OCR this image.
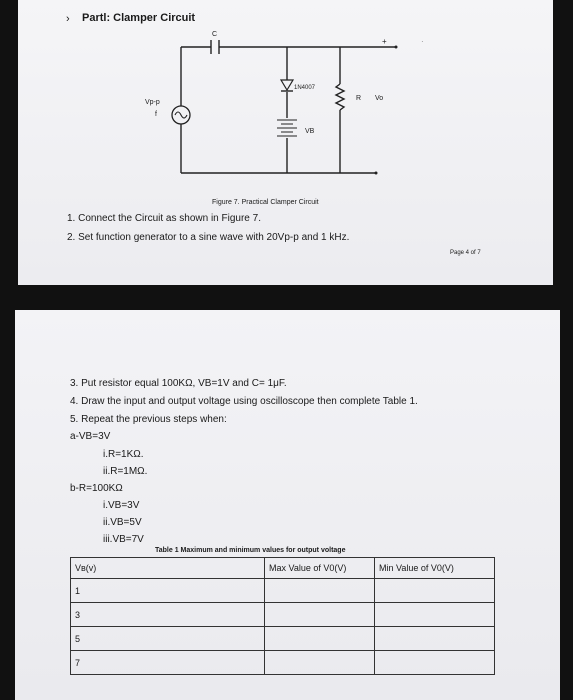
› Partl: Clamper Circuit
+	·
C
1N4007
R Vo
Vp-p
f
VB
Figure 7. Practical Clamper Circuit
1. Connect the Circuit as shown in Figure 7.
2. Set function generator to a sine wave with 20Vp-p and 1 kHz.
Page 4 of 7
3. Put resistor equal 100KΩ, VB=1V and C= 1μF.
4. Draw the input and output voltage using oscilloscope then complete Table 1.
5. Repeat the previous steps when:
a-VB=3V
i.R=1KΩ.
ii.R=1MΩ.
b-R=100KΩ
i.VB=3V
ii.VB=5V
iii.VB=7V
Table 1 Maximum and minimum values for output voltage
Vʙ(v)	Max Value of V0(V)	Min Value of V0(V)
1		
3		
5		
7		
